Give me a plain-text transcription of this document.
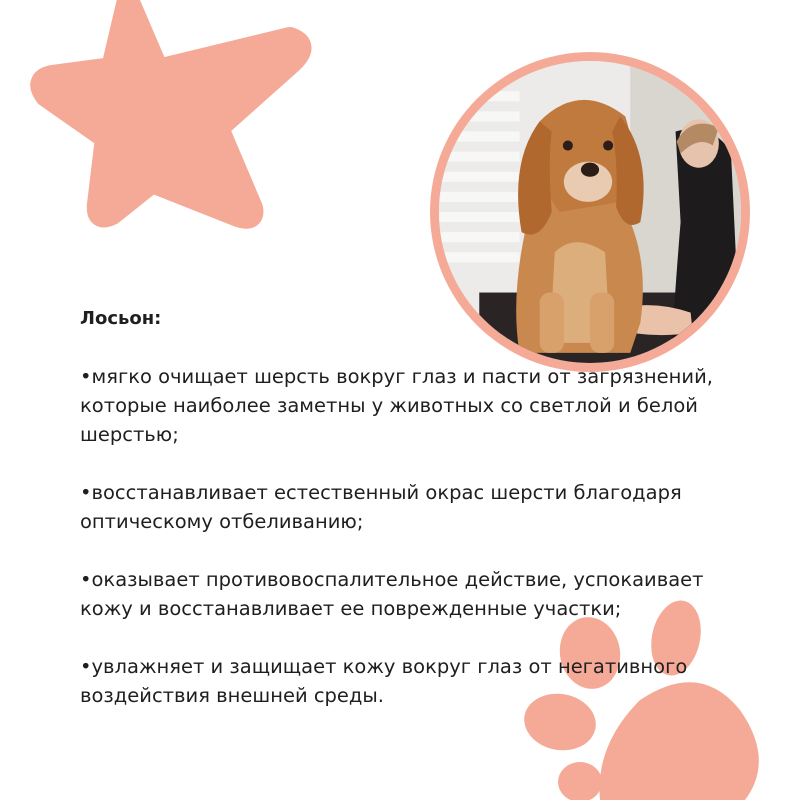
Лосьон:
•мягко очищает шерсть вокруг глаз и пасти от загрязнений, которые наиболее заметны у животных со светлой и белой шерстью;
•восстанавливает естественный окрас шерсти благодаря оптическому отбеливанию;
•оказывает противовоспалительное действие, успокаивает кожу и восстанавливает ее поврежденные участки;
•увлажняет и защищает кожу вокруг глаз от негативного воздействия внешней среды.
